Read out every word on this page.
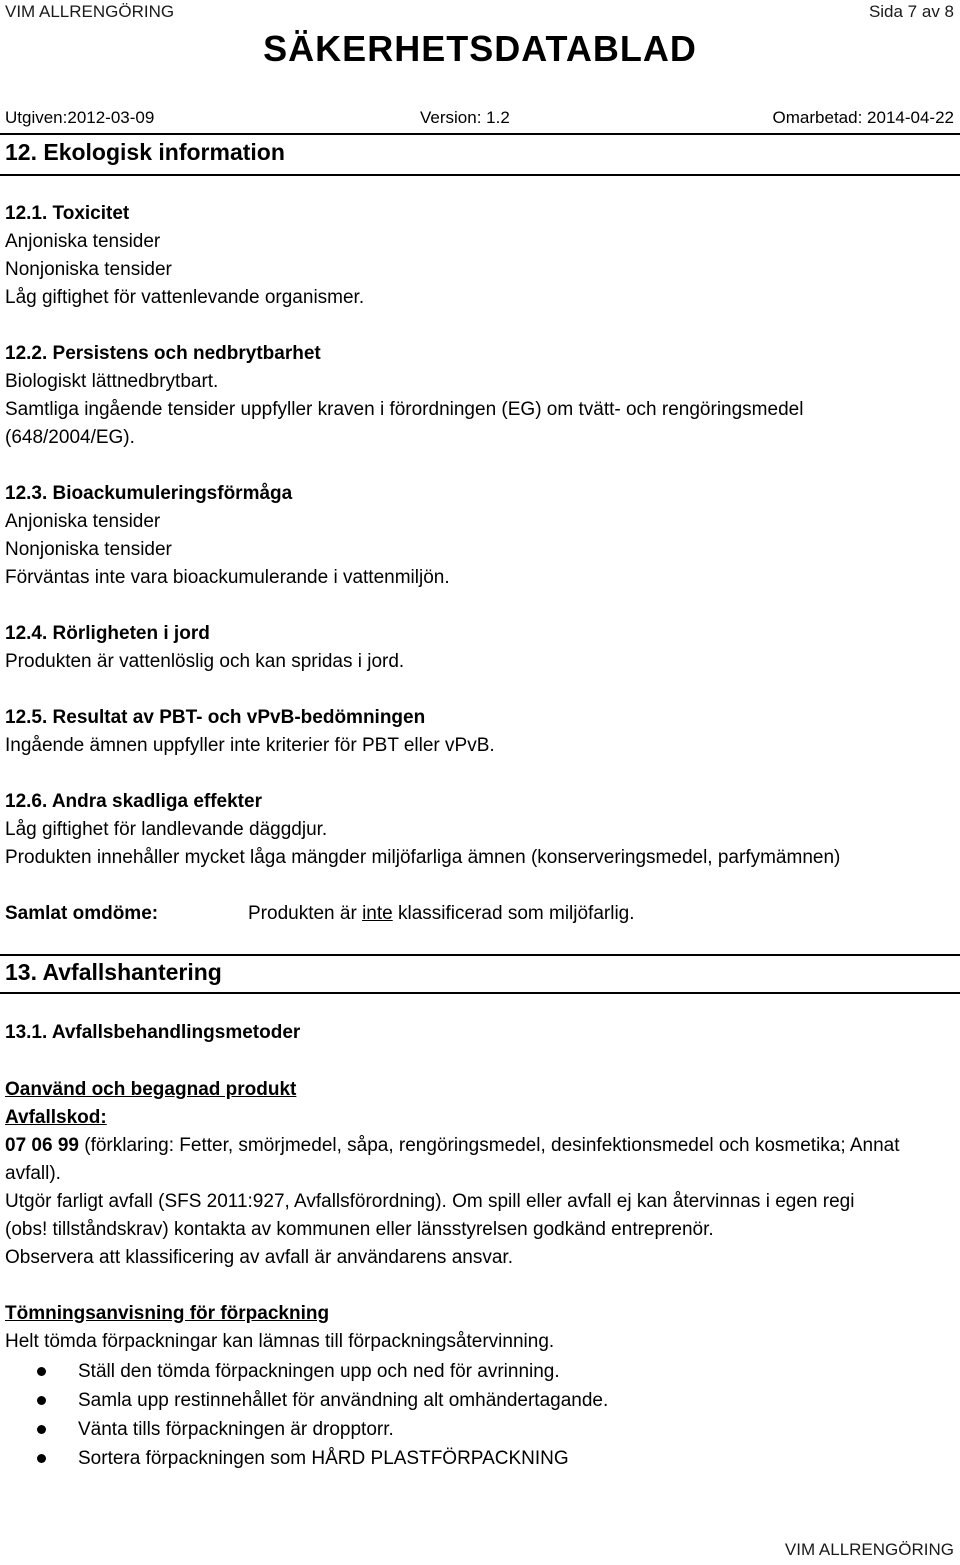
VIM ALLRENGÖRING	Sida 7 av 8
SÄKERHETSDATABLAD
Utgiven:2012-03-09	Version: 1.2	Omarbetad: 2014-04-22
12. Ekologisk information
12.1. Toxicitet
Anjoniska tensider
Nonjoniska tensider
Låg giftighet för vattenlevande organismer.
12.2. Persistens och nedbrytbarhet
Biologiskt lättnedbrytbart.
Samtliga ingående tensider uppfyller kraven i förordningen (EG) om tvätt- och rengöringsmedel
(648/2004/EG).
12.3. Bioackumuleringsförmåga
Anjoniska tensider
Nonjoniska tensider
Förväntas inte vara bioackumulerande i vattenmiljön.
12.4. Rörligheten i jord
Produkten är vattenlöslig och kan spridas i jord.
12.5. Resultat av PBT- och vPvB-bedömningen
Ingående ämnen uppfyller inte kriterier för PBT eller vPvB.
12.6. Andra skadliga effekter
Låg giftighet för landlevande däggdjur.
Produkten innehåller mycket låga mängder miljöfarliga ämnen (konserveringsmedel, parfymämnen)
Samlat omdöme:	Produkten är inte klassificerad som miljöfarlig.
13. Avfallshantering
13.1. Avfallsbehandlingsmetoder
Oanvänd och begagnad produkt
Avfallskod:
07 06 99 (förklaring: Fetter, smörjmedel, såpa, rengöringsmedel, desinfektionsmedel och kosmetika; Annat
avfall).
Utgör farligt avfall (SFS 2011:927, Avfallsförordning). Om spill eller avfall ej kan återvinnas i egen regi
(obs! tillståndskrav) kontakta av kommunen eller länsstyrelsen godkänd entreprenör.
Observera att klassificering av avfall är användarens ansvar.
Tömningsanvisning för förpackning
Helt tömda förpackningar kan lämnas till förpackningsåtervinning.
Ställ den tömda förpackningen upp och ned för avrinning.
Samla upp restinnehållet för användning alt omhändertagande.
Vänta tills förpackningen är dropptorr.
Sortera förpackningen som HÅRD PLASTFÖRPACKNING
VIM ALLRENGÖRING
